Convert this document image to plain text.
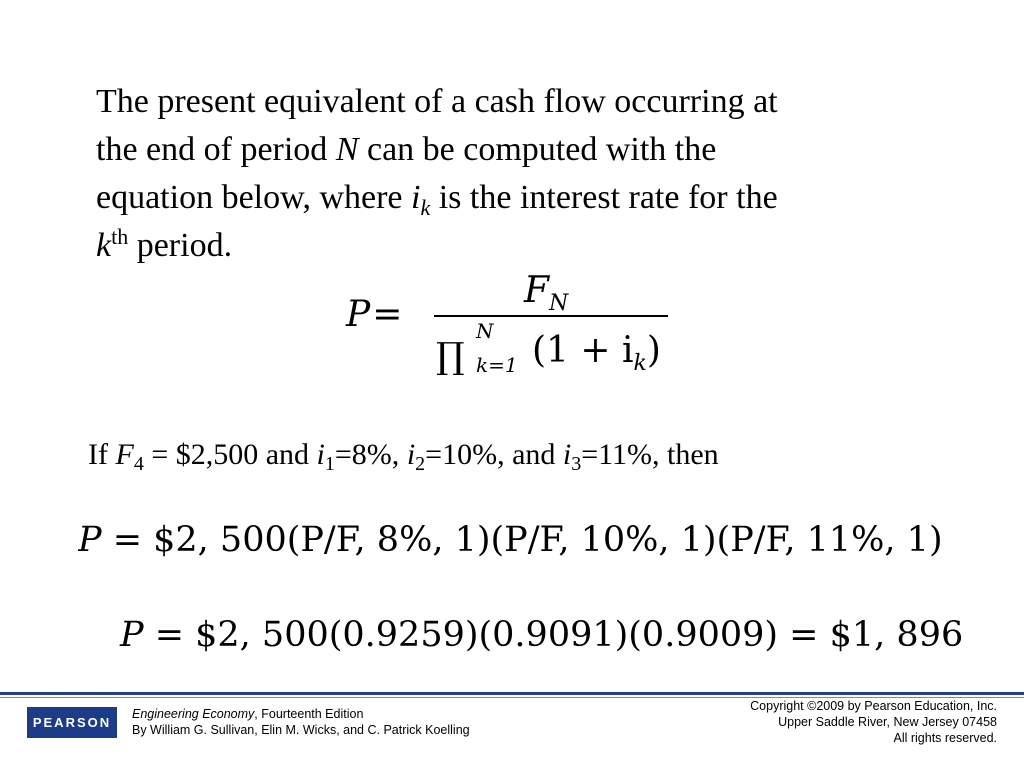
The present equivalent of a cash flow occurring at
the end of period N can be computed with the
equation below, where $i_k$ is the interest rate for the
$k^{th}$ period.
P=
$F_N$
∏
N
k=1 $(1 + i_k)$
If $F_4$ = $2,500 and $i_1=8\%$, $i_2=10\%$, and $i_3=11\%$, then
P = $2, 500(P/F, 8%, 1)(P/F, 10%, 1)(P/F, 11%, 1)
P = $2, 500(0.9259)(0.9091)(0.9009) = $1, 896
PEARSON
Engineering Economy, Fourteenth Edition
By William G. Sullivan, Elin M. Wicks, and C. Patrick Koelling
Copyright ©2009 by Pearson Education, Inc.
Upper Saddle River, New Jersey 07458
All rights reserved.
